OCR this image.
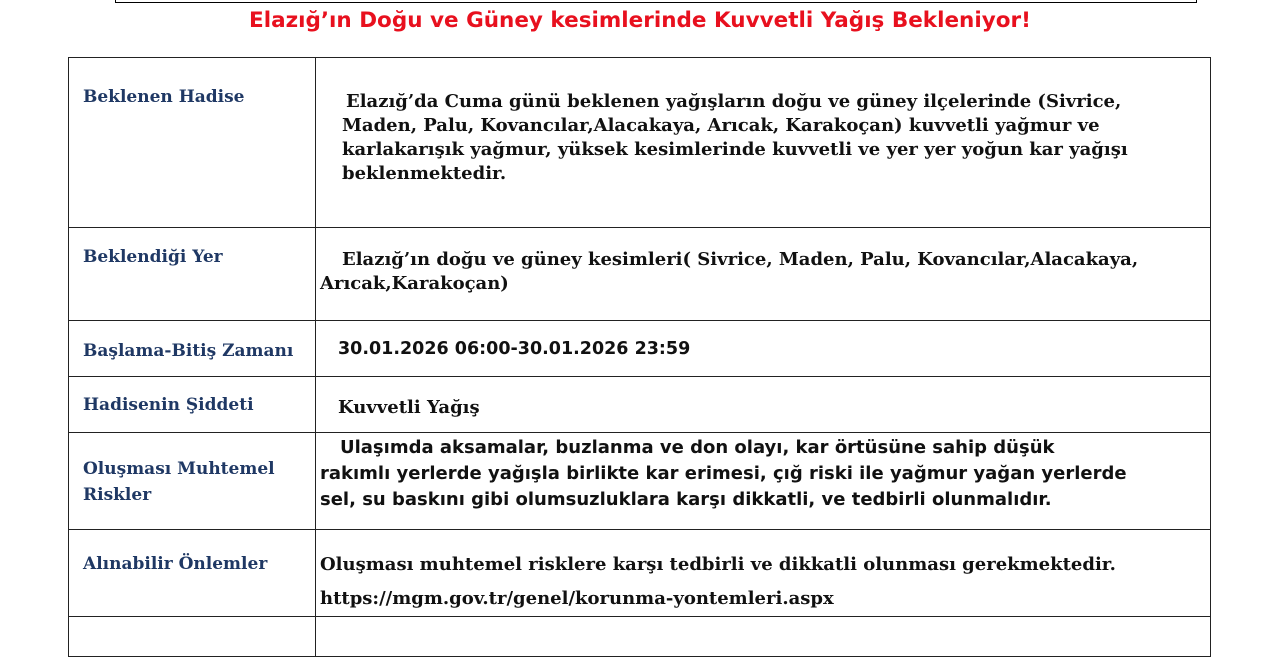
Elazığ’ın Doğu ve Güney kesimlerinde Kuvvetli Yağış Bekleniyor!
Beklenen Hadise	Elazığ’da Cuma günü beklenen yağışların doğu ve güney ilçelerinde (Sivrice,
Maden, Palu, Kovancılar,Alacakaya, Arıcak, Karakoçan) kuvvetli yağmur ve
karlakarışık yağmur, yüksek kesimlerinde kuvvetli ve yer yer yoğun kar yağışı
beklenmektedir.

Beklendiği Yer	Elazığ’ın doğu ve güney kesimleri( Sivrice, Maden, Palu, Kovancılar,Alacakaya,
Arıcak,Karakoçan)

Başlama-Bitiş Zamanı	30.01.2026 06:00-30.01.2026 23:59

Hadisenin Şiddeti	Kuvvetli Yağış

Oluşması Muhtemel
Riskler	Ulaşımda aksamalar, buzlanma ve don olayı, kar örtüsüne sahip düşük
rakımlı yerlerde yağışla birlikte kar erimesi, çığ riski ile yağmur yağan yerlerde
sel, su baskını gibi olumsuzluklara karşı dikkatli, ve tedbirli olunmalıdır.

Alınabilir Önlemler	Oluşması muhtemel risklere karşı tedbirli ve dikkatli olunması gerekmektedir.
https://mgm.gov.tr/genel/korunma-yontemleri.aspx
